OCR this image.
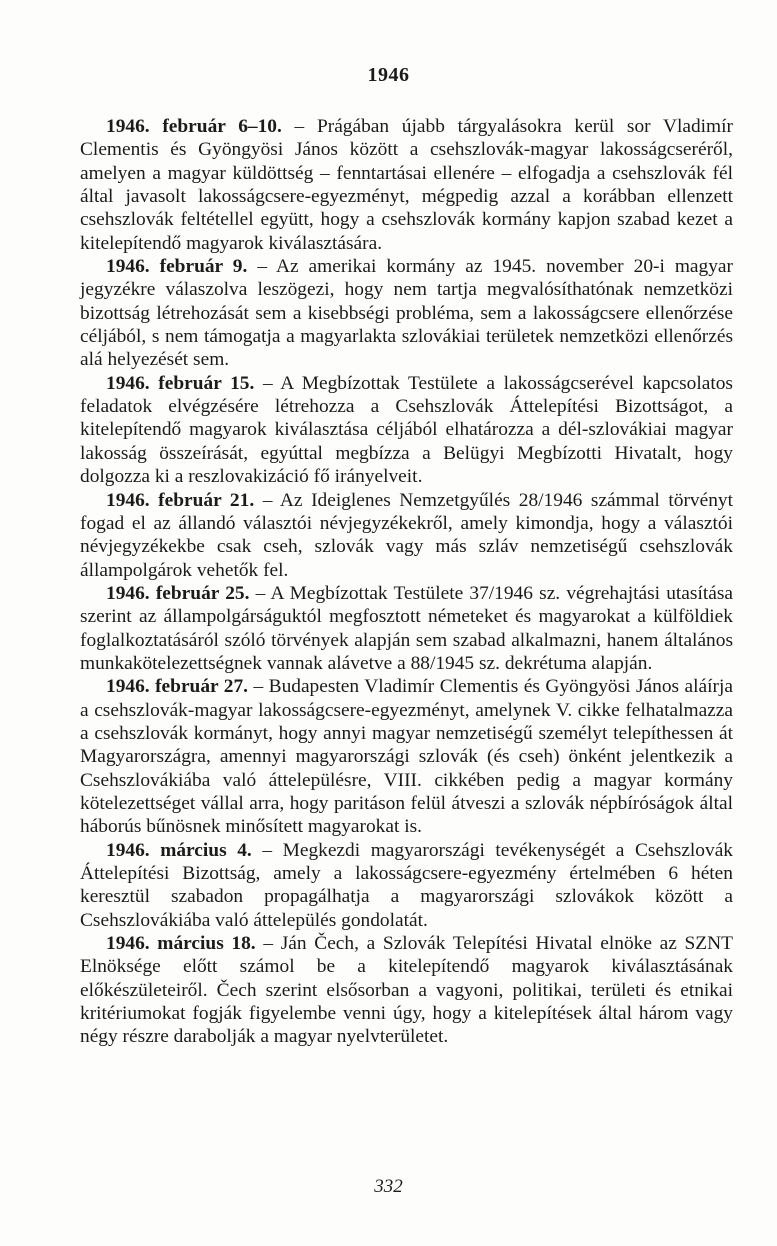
1946

1946. február 6–10. – Prágában újabb tárgyalásokra kerül sor Vladimír Clementis és Gyöngyösi János között a csehszlovák-magyar lakosságcseréről, amelyen a magyar küldöttség – fenntartásai ellenére – elfogadja a csehszlovák fél által javasolt lakosságcsere-egyezményt, mégpedig azzal a korábban ellenzett csehszlovák feltétellel együtt, hogy a csehszlovák kormány kapjon szabad kezet a kitelepítendő magyarok kiválasztására.

1946. február 9. – Az amerikai kormány az 1945. november 20-i magyar jegyzékre válaszolva leszögezi, hogy nem tartja megvalósíthatónak nemzetközi bizottság létrehozását sem a kisebbségi probléma, sem a lakosságcsere ellenőrzése céljából, s nem támogatja a magyarlakta szlovákiai területek nemzetközi ellenőrzés alá helyezését sem.

1946. február 15. – A Megbízottak Testülete a lakosságcserével kapcsolatos feladatok elvégzésére létrehozza a Csehszlovák Áttelepítési Bizottságot, a kitelepítendő magyarok kiválasztása céljából elhatározza a dél-szlovákiai magyar lakosság összeírását, egyúttal megbízza a Belügyi Megbízotti Hivatalt, hogy dolgozza ki a reszlovakizáció fő irányelveit.

1946. február 21. – Az Ideiglenes Nemzetgyűlés 28/1946 számmal törvényt fogad el az állandó választói névjegyzékekről, amely kimondja, hogy a választói névjegyzékekbe csak cseh, szlovák vagy más szláv nemzetiségű csehszlovák állampolgárok vehetők fel.

1946. február 25. – A Megbízottak Testülete 37/1946 sz. végrehajtási utasítása szerint az állampolgárságuktól megfosztott németeket és magyarokat a külföldiek foglalkoztatásáról szóló törvények alapján sem szabad alkalmazni, hanem általános munkakötelezettségnek vannak alávetve a 88/1945 sz. dekrétuma alapján.

1946. február 27. – Budapesten Vladimír Clementis és Gyöngyösi János aláírja a csehszlovák-magyar lakosságcsere-egyezményt, amelynek V. cikke felhatalmazza a csehszlovák kormányt, hogy annyi magyar nemzetiségű személyt telepíthessen át Magyarországra, amennyi magyarországi szlovák (és cseh) önként jelentkezik a Csehszlovákiába való áttelepülésre, VIII. cikkében pedig a magyar kormány kötelezettséget vállal arra, hogy paritáson felül átveszi a szlovák népbíróságok által háborús bűnösnek minősített magyarokat is.

1946. március 4. – Megkezdi magyarországi tevékenységét a Csehszlovák Áttelepítési Bizottság, amely a lakosságcsere-egyezmény értelmében 6 héten keresztül szabadon propagálhatja a magyarországi szlovákok között a Csehszlovákiába való áttelepülés gondolatát.

1946. március 18. – Ján Čech, a Szlovák Telepítési Hivatal elnöke az SZNT Elnöksége előtt számol be a kitelepítendő magyarok kiválasztásának előkészületeiről. Čech szerint elsősorban a vagyoni, politikai, területi és etnikai kritériumokat fogják figyelembe venni úgy, hogy a kitelepítések által három vagy négy részre darabolják a magyar nyelvterületet.

332
